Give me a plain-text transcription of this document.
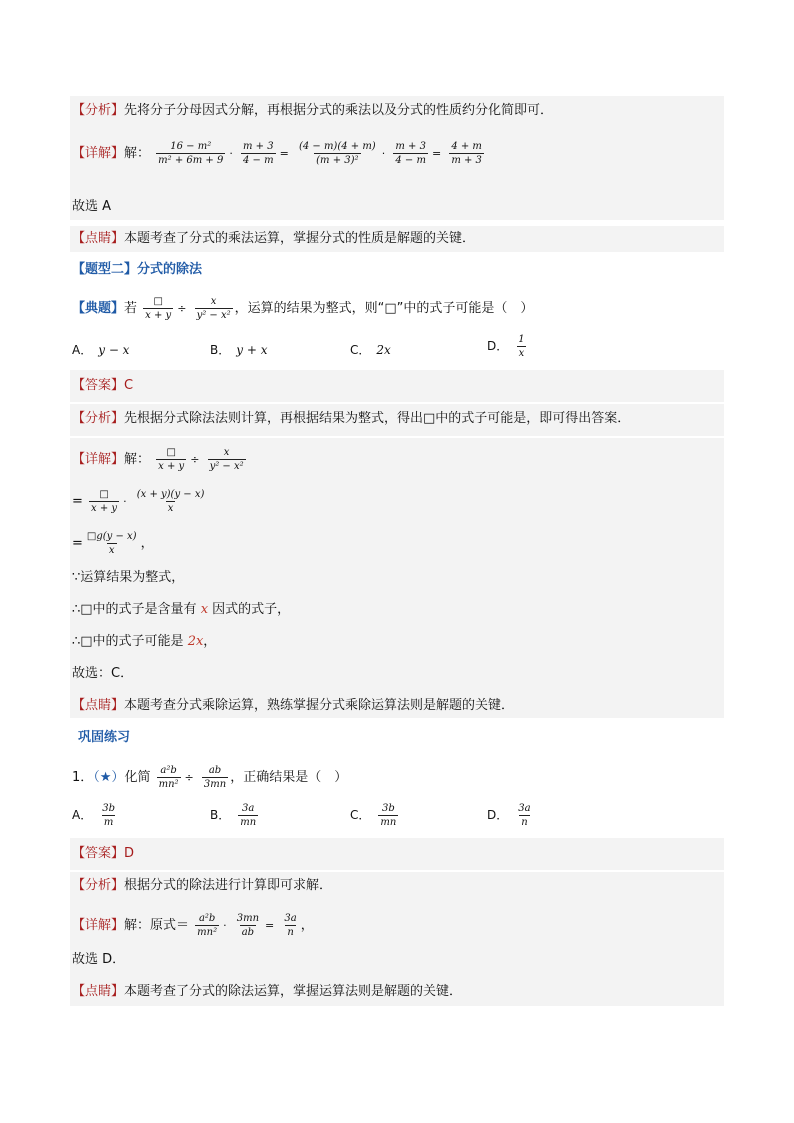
【分析】先将分子分母因式分解，再根据分式的乘法以及分式的性质约分化简即可．
【详解】解： $\frac{\text{16 − m²}}{\text{m² + 6m + 9}} \cdot \frac{m + 3}{4 - m} = \frac{(4 - m)(4 + m)}{\text{(m + 3)²}} \cdot \frac{m + 3}{4 - m} = \frac{4 + m}{m + 3}$
故选 A
【点睛】本题考查了分式的乘法运算，掌握分式的性质是解题的关键．
【题型二】分式的除法
【典题】若 $\frac{□}{x + y} \div \frac{x}{\text{y² − x²}}$ ，运算的结果为整式，则“□”中的式子可能是（　）
A． y − x	B． y + x	C． 2x	D． $\frac{1}{x}$
【答案】C
【分析】先根据分式除法法则计算，再根据结果为整式，得出□中的式子可能是，即可得出答案．
【详解】解： $\frac{□}{x + y} \div \frac{x}{\text{y² − x²}}$
= $\frac{□}{x + y} \cdot \frac{(x + y)(y - x)}{x}$
= $\frac{□g(y - x)}{x}$ ，
∵运算结果为整式，
∴□中的式子是含量有 x 因式的式子，
∴□中的式子可能是 2x，
故选：C．
【点睛】本题考查分式乘除运算，熟练掌握分式乘除运算法则是解题的关键．
巩固练习
1．（★）化简 $\frac{\text{a²b}}{\text{mn²}} \div \frac{ab}{3mn}$ ，正确结果是（　）
A． $\frac{3b}{m}$	B． $\frac{3a}{mn}$	C． $\frac{3b}{mn}$	D． $\frac{3a}{n}$
【答案】D
【分析】根据分式的除法进行计算即可求解．
【详解】解：原式＝ $\frac{\text{a²b}}{\text{mn²}} \cdot \frac{3mn}{ab} = \frac{3a}{n}$ ，
故选 D．
【点睛】本题考查了分式的除法运算，掌握运算法则是解题的关键．
